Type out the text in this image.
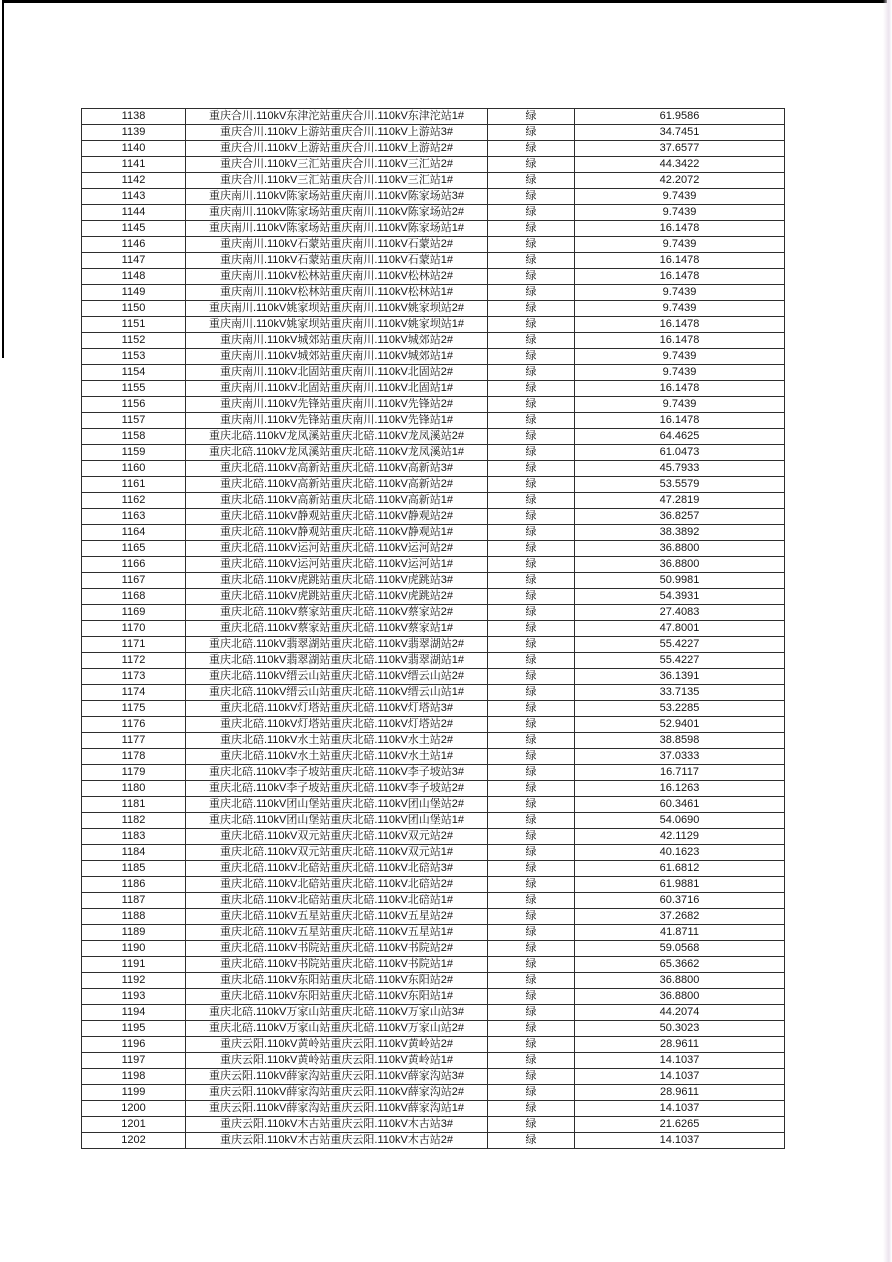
1138	重庆合川.110kV东津沱站重庆合川.110kV东津沱站1#	绿	61.9586
1139	重庆合川.110kV上游站重庆合川.110kV上游站3#	绿	34.7451
1140	重庆合川.110kV上游站重庆合川.110kV上游站2#	绿	37.6577
1141	重庆合川.110kV三汇站重庆合川.110kV三汇站2#	绿	44.3422
1142	重庆合川.110kV三汇站重庆合川.110kV三汇站1#	绿	42.2072
1143	重庆南川.110kV陈家场站重庆南川.110kV陈家场站3#	绿	9.7439
1144	重庆南川.110kV陈家场站重庆南川.110kV陈家场站2#	绿	9.7439
1145	重庆南川.110kV陈家场站重庆南川.110kV陈家场站1#	绿	16.1478
1146	重庆南川.110kV石蒙站重庆南川.110kV石蒙站2#	绿	9.7439
1147	重庆南川.110kV石蒙站重庆南川.110kV石蒙站1#	绿	16.1478
1148	重庆南川.110kV松林站重庆南川.110kV松林站2#	绿	16.1478
1149	重庆南川.110kV松林站重庆南川.110kV松林站1#	绿	9.7439
1150	重庆南川.110kV姚家坝站重庆南川.110kV姚家坝站2#	绿	9.7439
1151	重庆南川.110kV姚家坝站重庆南川.110kV姚家坝站1#	绿	16.1478
1152	重庆南川.110kV城郊站重庆南川.110kV城郊站2#	绿	16.1478
1153	重庆南川.110kV城郊站重庆南川.110kV城郊站1#	绿	9.7439
1154	重庆南川.110kV北固站重庆南川.110kV北固站2#	绿	9.7439
1155	重庆南川.110kV北固站重庆南川.110kV北固站1#	绿	16.1478
1156	重庆南川.110kV先锋站重庆南川.110kV先锋站2#	绿	9.7439
1157	重庆南川.110kV先锋站重庆南川.110kV先锋站1#	绿	16.1478
1158	重庆北碚.110kV龙凤溪站重庆北碚.110kV龙凤溪站2#	绿	64.4625
1159	重庆北碚.110kV龙凤溪站重庆北碚.110kV龙凤溪站1#	绿	61.0473
1160	重庆北碚.110kV高新站重庆北碚.110kV高新站3#	绿	45.7933
1161	重庆北碚.110kV高新站重庆北碚.110kV高新站2#	绿	53.5579
1162	重庆北碚.110kV高新站重庆北碚.110kV高新站1#	绿	47.2819
1163	重庆北碚.110kV静观站重庆北碚.110kV静观站2#	绿	36.8257
1164	重庆北碚.110kV静观站重庆北碚.110kV静观站1#	绿	38.3892
1165	重庆北碚.110kV运河站重庆北碚.110kV运河站2#	绿	36.8800
1166	重庆北碚.110kV运河站重庆北碚.110kV运河站1#	绿	36.8800
1167	重庆北碚.110kV虎跳站重庆北碚.110kV虎跳站3#	绿	50.9981
1168	重庆北碚.110kV虎跳站重庆北碚.110kV虎跳站2#	绿	54.3931
1169	重庆北碚.110kV蔡家站重庆北碚.110kV蔡家站2#	绿	27.4083
1170	重庆北碚.110kV蔡家站重庆北碚.110kV蔡家站1#	绿	47.8001
1171	重庆北碚.110kV翡翠湖站重庆北碚.110kV翡翠湖站2#	绿	55.4227
1172	重庆北碚.110kV翡翠湖站重庆北碚.110kV翡翠湖站1#	绿	55.4227
1173	重庆北碚.110kV缙云山站重庆北碚.110kV缙云山站2#	绿	36.1391
1174	重庆北碚.110kV缙云山站重庆北碚.110kV缙云山站1#	绿	33.7135
1175	重庆北碚.110kV灯塔站重庆北碚.110kV灯塔站3#	绿	53.2285
1176	重庆北碚.110kV灯塔站重庆北碚.110kV灯塔站2#	绿	52.9401
1177	重庆北碚.110kV水土站重庆北碚.110kV水土站2#	绿	38.8598
1178	重庆北碚.110kV水土站重庆北碚.110kV水土站1#	绿	37.0333
1179	重庆北碚.110kV李子坡站重庆北碚.110kV李子坡站3#	绿	16.7117
1180	重庆北碚.110kV李子坡站重庆北碚.110kV李子坡站2#	绿	16.1263
1181	重庆北碚.110kV团山堡站重庆北碚.110kV团山堡站2#	绿	60.3461
1182	重庆北碚.110kV团山堡站重庆北碚.110kV团山堡站1#	绿	54.0690
1183	重庆北碚.110kV双元站重庆北碚.110kV双元站2#	绿	42.1129
1184	重庆北碚.110kV双元站重庆北碚.110kV双元站1#	绿	40.1623
1185	重庆北碚.110kV北碚站重庆北碚.110kV北碚站3#	绿	61.6812
1186	重庆北碚.110kV北碚站重庆北碚.110kV北碚站2#	绿	61.9881
1187	重庆北碚.110kV北碚站重庆北碚.110kV北碚站1#	绿	60.3716
1188	重庆北碚.110kV五星站重庆北碚.110kV五星站2#	绿	37.2682
1189	重庆北碚.110kV五星站重庆北碚.110kV五星站1#	绿	41.8711
1190	重庆北碚.110kV书院站重庆北碚.110kV书院站2#	绿	59.0568
1191	重庆北碚.110kV书院站重庆北碚.110kV书院站1#	绿	65.3662
1192	重庆北碚.110kV东阳站重庆北碚.110kV东阳站2#	绿	36.8800
1193	重庆北碚.110kV东阳站重庆北碚.110kV东阳站1#	绿	36.8800
1194	重庆北碚.110kV万家山站重庆北碚.110kV万家山站3#	绿	44.2074
1195	重庆北碚.110kV万家山站重庆北碚.110kV万家山站2#	绿	50.3023
1196	重庆云阳.110kV黄岭站重庆云阳.110kV黄岭站2#	绿	28.9611
1197	重庆云阳.110kV黄岭站重庆云阳.110kV黄岭站1#	绿	14.1037
1198	重庆云阳.110kV薛家沟站重庆云阳.110kV薛家沟站3#	绿	14.1037
1199	重庆云阳.110kV薛家沟站重庆云阳.110kV薛家沟站2#	绿	28.9611
1200	重庆云阳.110kV薛家沟站重庆云阳.110kV薛家沟站1#	绿	14.1037
1201	重庆云阳.110kV木古站重庆云阳.110kV木古站3#	绿	21.6265
1202	重庆云阳.110kV木古站重庆云阳.110kV木古站2#	绿	14.1037
